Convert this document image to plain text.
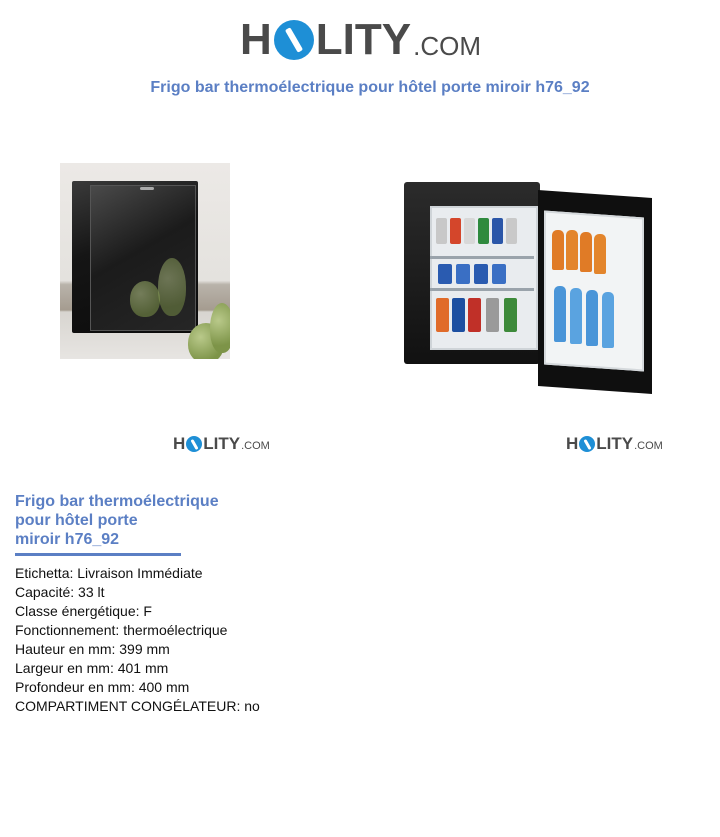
H LITY .COM
Frigo bar thermoélectrique pour hôtel porte miroir h76_92
H LITY .COM	H LITY .COM
Frigo bar thermoélectrique
pour hôtel porte
miroir h76_92
Etichetta: Livraison Immédiate
Capacité: 33 lt
Classe énergétique: F
Fonctionnement: thermoélectrique
Hauteur en mm: 399 mm
Largeur en mm: 401 mm
Profondeur en mm: 400 mm
COMPARTIMENT CONGÉLATEUR: no
